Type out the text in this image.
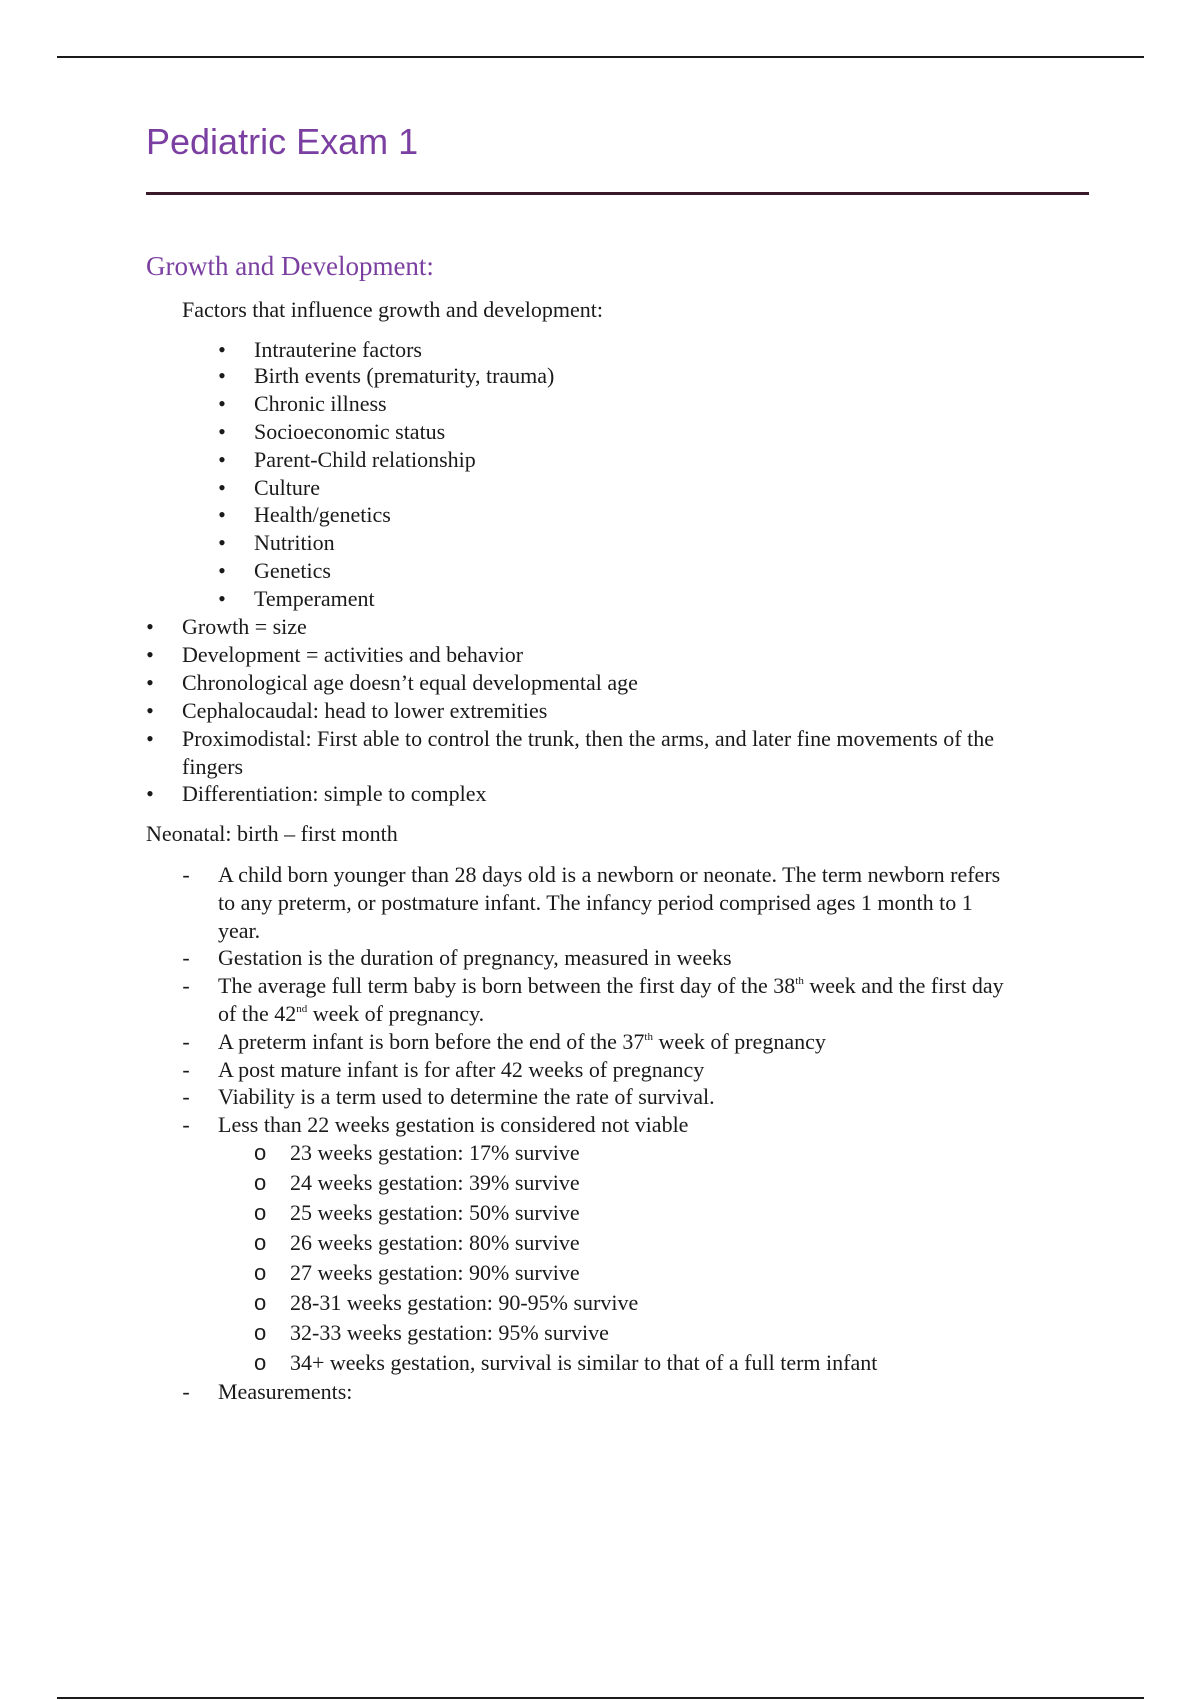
Pediatric Exam 1
Growth and Development:
Factors that influence growth and development:
• Intrauterine factors
• Birth events (prematurity, trauma)
• Chronic illness
• Socioeconomic status
• Parent-Child relationship
• Culture
• Health/genetics
• Nutrition
• Genetics
• Temperament
• Growth = size
• Development = activities and behavior
• Chronological age doesn’t equal developmental age
• Cephalocaudal: head to lower extremities
• Proximodistal: First able to control the trunk, then the arms, and later fine movements of the
fingers
• Differentiation: simple to complex
Neonatal: birth – first month
- A child born younger than 28 days old is a newborn or neonate. The term newborn refers
to any preterm, or postmature infant. The infancy period comprised ages 1 month to 1
year.
- Gestation is the duration of pregnancy, measured in weeks
- The average full term baby is born between the first day of the 38th week and the first day
of the 42nd week of pregnancy.
- A preterm infant is born before the end of the 37th week of pregnancy
- A post mature infant is for after 42 weeks of pregnancy
- Viability is a term used to determine the rate of survival.
- Less than 22 weeks gestation is considered not viable
o 23 weeks gestation: 17% survive
o 24 weeks gestation: 39% survive
o 25 weeks gestation: 50% survive
o 26 weeks gestation: 80% survive
o 27 weeks gestation: 90% survive
o 28-31 weeks gestation: 90-95% survive
o 32-33 weeks gestation: 95% survive
o 34+ weeks gestation, survival is similar to that of a full term infant
- Measurements:
